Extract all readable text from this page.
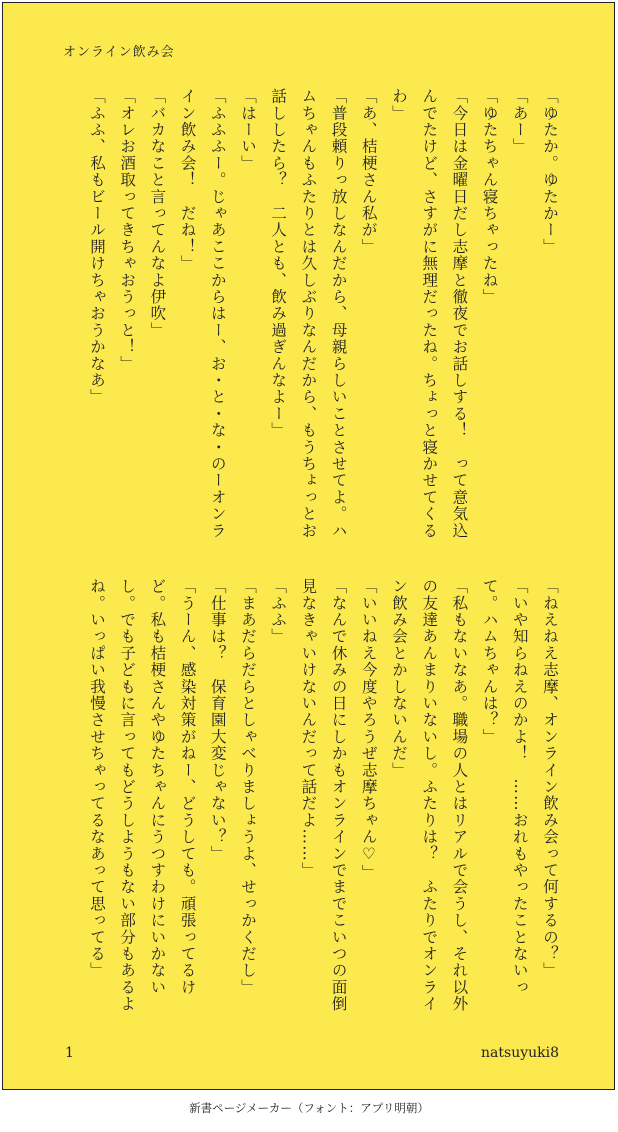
オンライン飲み会

「ゆたか。ゆたかー」

「あー」

「ゆたちゃん寝ちゃったね」

「今日は金曜日だし志摩と徹夜でお話しする！　って意気込んでたけど、さすがに無理だったね。ちょっと寝かせてくるわ」

「あ、桔梗さん私が」

「普段頼りっ放しなんだから、母親らしいことさせてよ。ハムちゃんもふたりとは久しぶりなんだから、もうちょっとお話ししたら？　二人とも、飲み過ぎんなよー」

「はーい」

「ふふふー。じゃあここからはー、お・と・な・のーオンライン飲み会！　だね！」

「バカなこと言ってんなよ伊吹」

「オレお酒取ってきちゃおうっと！」

「ふふ、私もビール開けちゃおうかなあ」

「ねえねえ志摩、オンライン飲み会って何するの？」

「いや知らねえのかよ！　……おれもやったことないって。ハムちゃんは？」

「私もないなあ。職場の人とはリアルで会うし、それ以外の友達あんまりいないし。ふたりは？　ふたりでオンライン飲み会とかしないんだ」

「いいねえ今度やろうぜ志摩ちゃん♡」

「なんで休みの日にしかもオンラインでまでこいつの面倒見なきゃいけないんだって話だよ……」

「ふふ」

「まあだらだらとしゃべりましょうよ、せっかくだし」

「仕事は？　保育園大変じゃない？」

「うーん、感染対策がねー、どうしても。頑張ってるけど。私も桔梗さんやゆたちゃんにうつすわけにいかないし。でも子どもに言ってもどうしようもない部分もあるよね。いっぱい我慢させちゃってるなあって思ってる」

1	natsuyuki8
新書ページメーカー（フォント：アプリ明朝）
